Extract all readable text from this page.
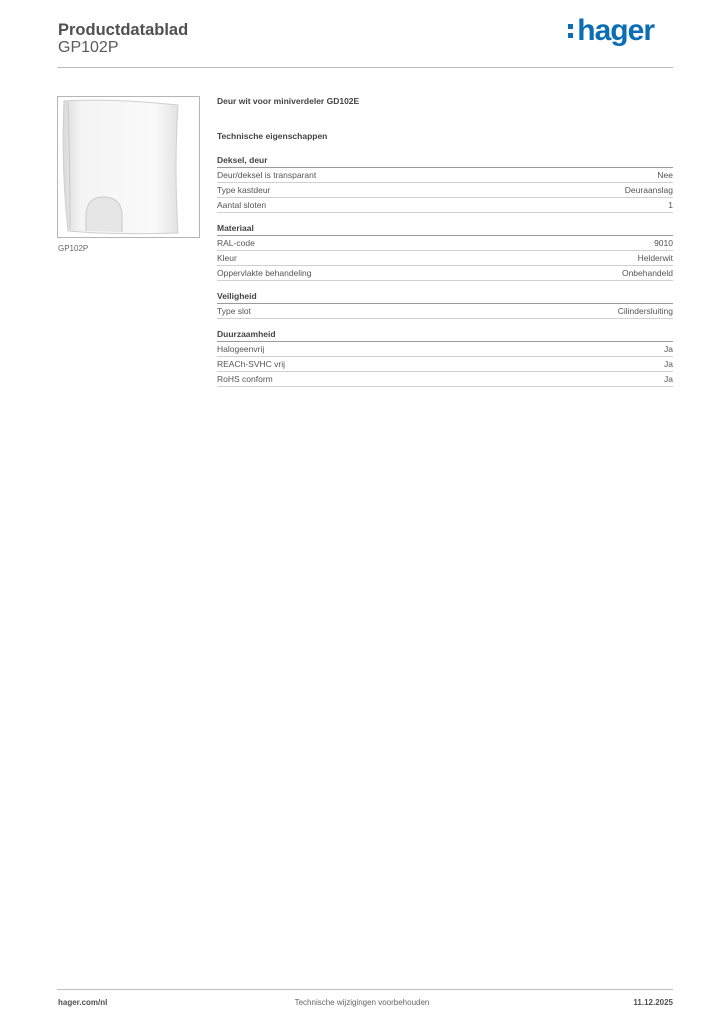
Productdatablad
GP102P
hager
GP102P
Deur wit voor miniverdeler GD102E
Technische eigenschappen
Deksel, deur
Deur/deksel is transparant	Nee
Type kastdeur	Deuraanslag
Aantal sloten	1
Materiaal
RAL-code	9010
Kleur	Helderwit
Oppervlakte behandeling	Onbehandeld
Veiligheid
Type slot	Cilindersluiting
Duurzaamheid
Halogeenvrij	Ja
REACh-SVHC vrij	Ja
RoHS conform	Ja
hager.com/nl	Technische wijzigingen voorbehouden	11.12.2025
